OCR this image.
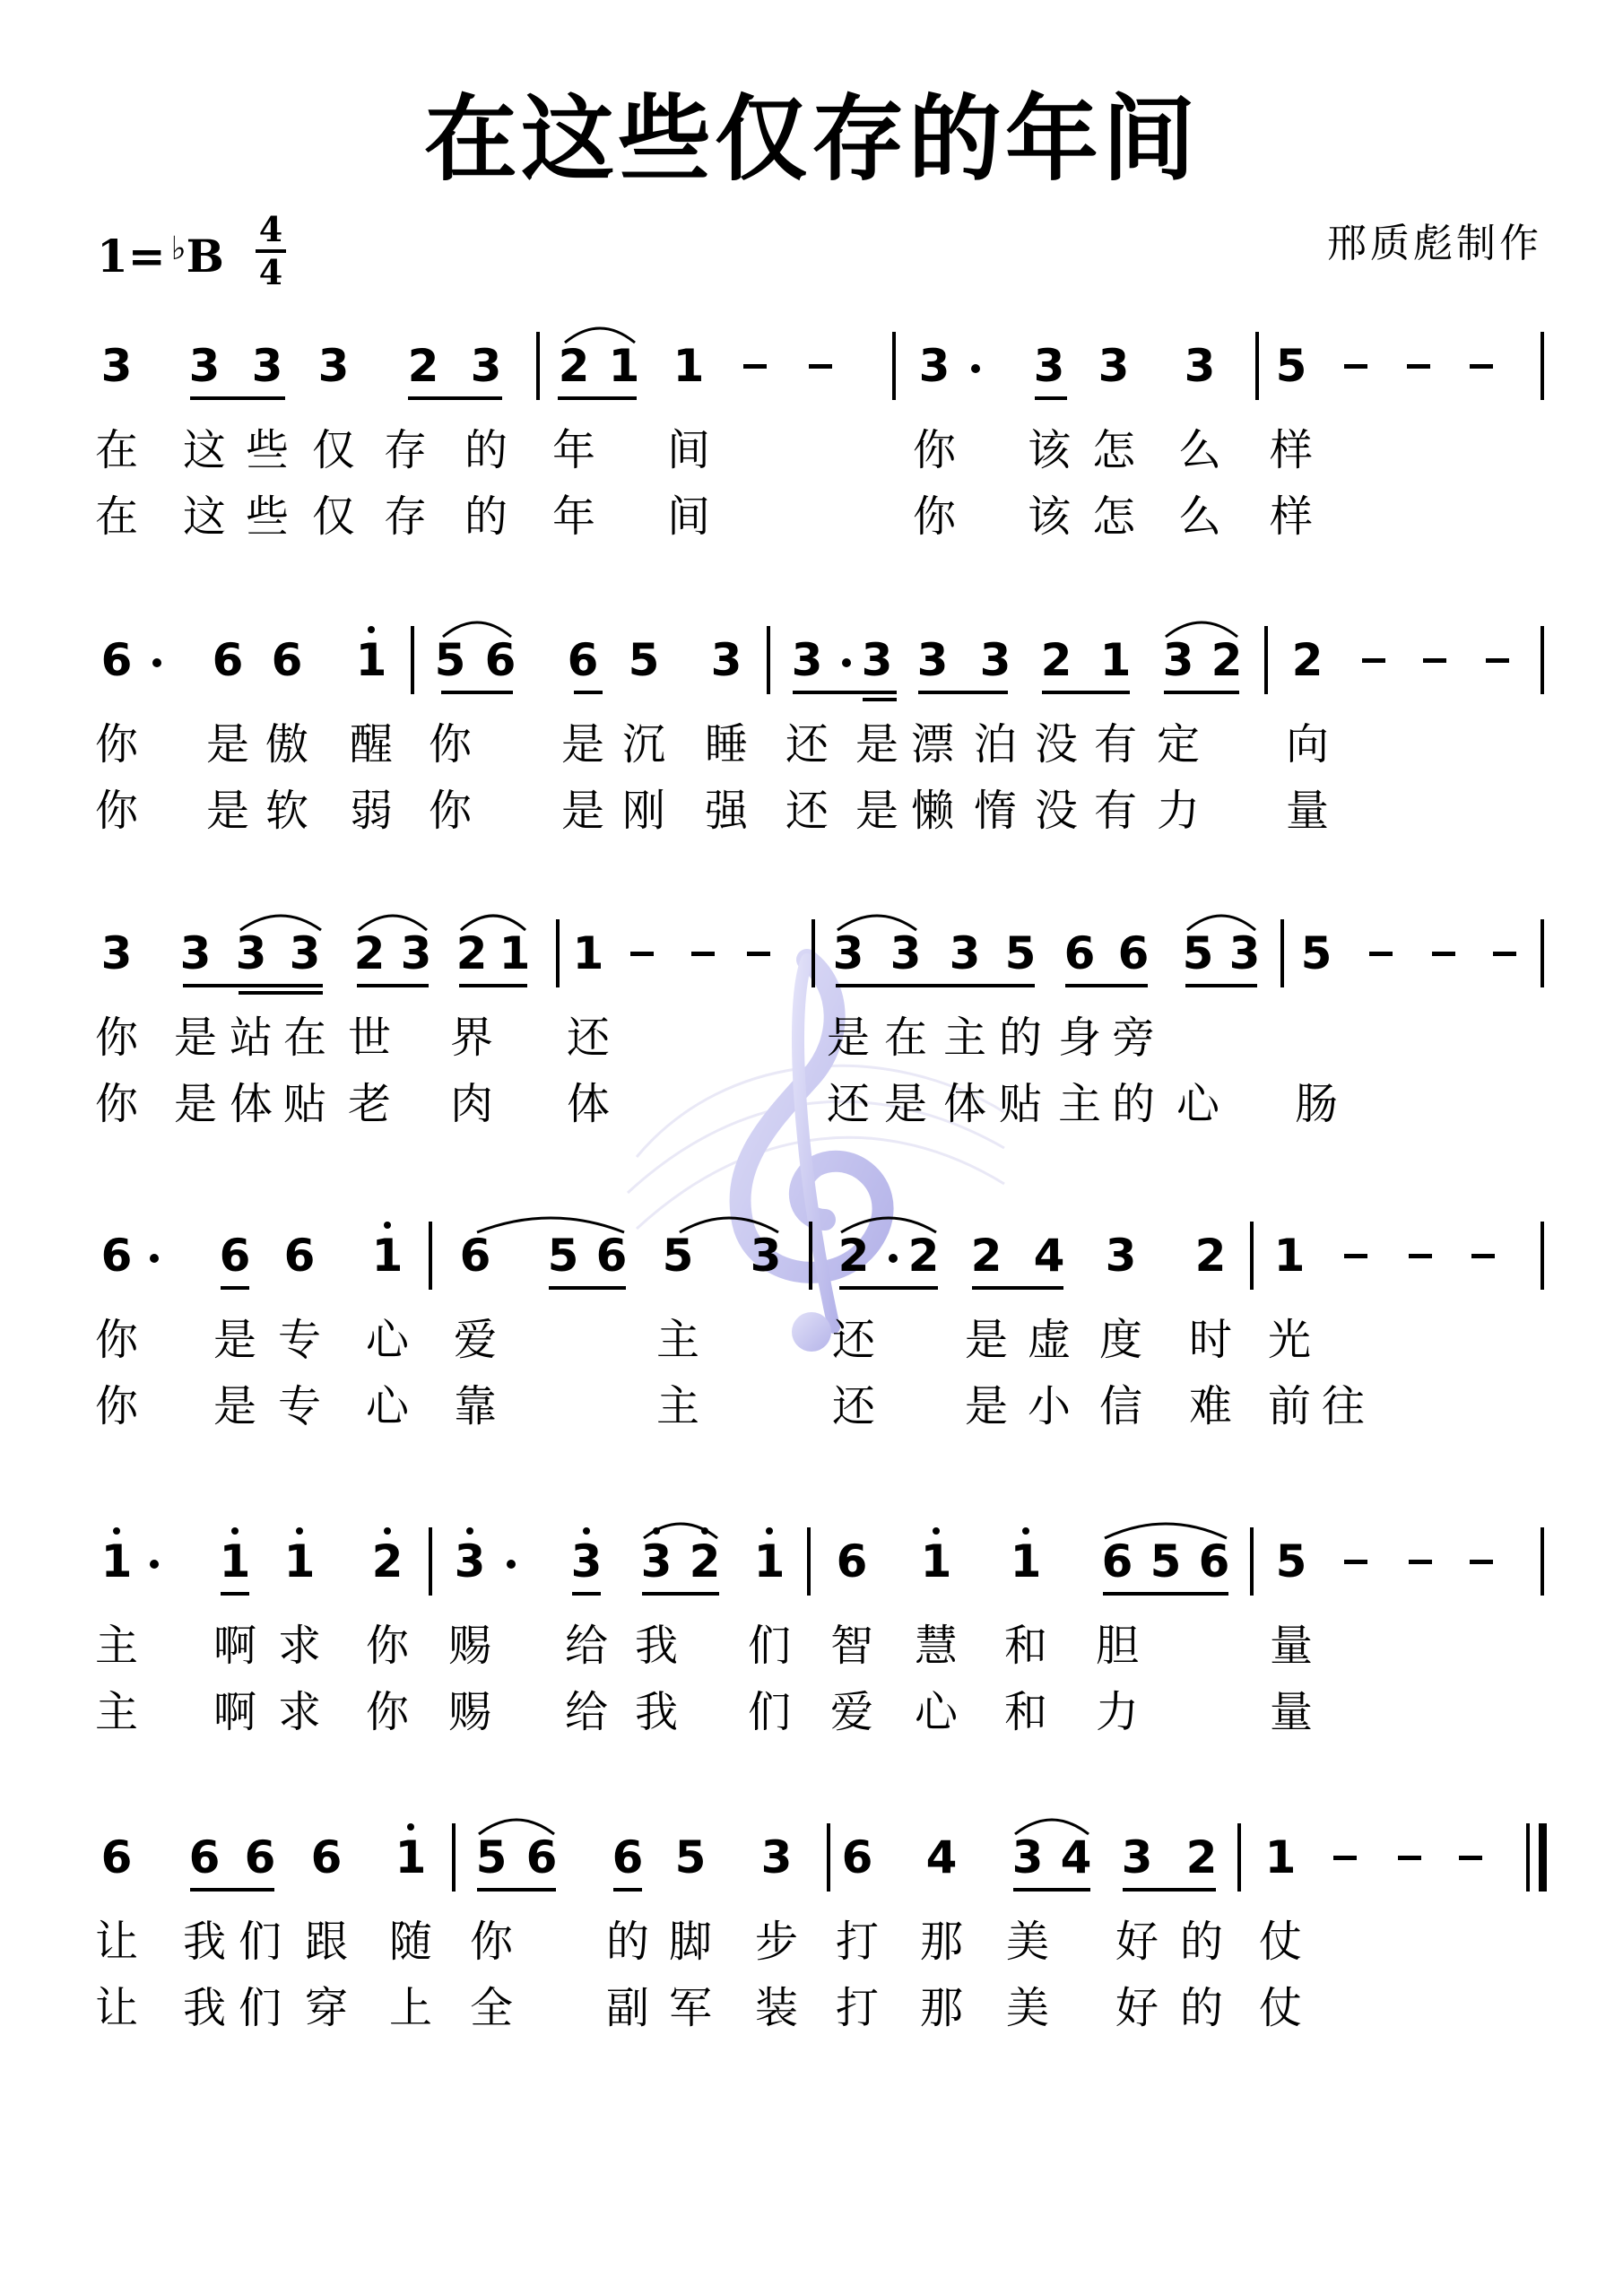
在这些仅存的年间
1= ♭B
4
4
邢质彪制作
3 3 3 3 2 3 2 1 1	3 3 3 3 5
在 这 些 仅 存 的 年 间	你 该 怎 么 样
在 这 些 仅 存 的 年 间	你 该 怎 么 样
6 6 6 1 5 6 6 5 3 3 3 3 3 2 1 3 2 2
你 是 傲 醒 你 是 沉 睡 还 是 漂 泊 没 有 定 向
你 是 软 弱 你 是 刚 强 还 是 懒 惰 没 有 力 量
3 3 3 3 2 3 2 1 1	3 3 3 5 6 6 5 3 5
你 是 站 在 世 界 还	是 在 主 的 身 旁
你 是 体 贴 老 肉 体	还 是 体 贴 主 的 心 肠
6 6 6 1 6 5 6 5 3 2 2 2 4 3 2 1
你 是 专 心 爱	主	还 是 虚 度 时 光
你 是 专 心 靠	主	还 是 小 信 难 前 往
1 1 1 2 3 3 3 2 1 6 1 1 6 5 6 5
主 啊 求 你 赐 给 我 们 智 慧 和 胆	量
主 啊 求 你 赐 给 我 们 爱 心 和 力	量
6 6 6 6 1 5 6 6 5 3 6 4 3 4 3 2 1
让 我 们 跟 随 你 的 脚 步 打 那 美 好 的 仗
让 我 们 穿 上 全 副 军 装 打 那 美 好 的 仗
